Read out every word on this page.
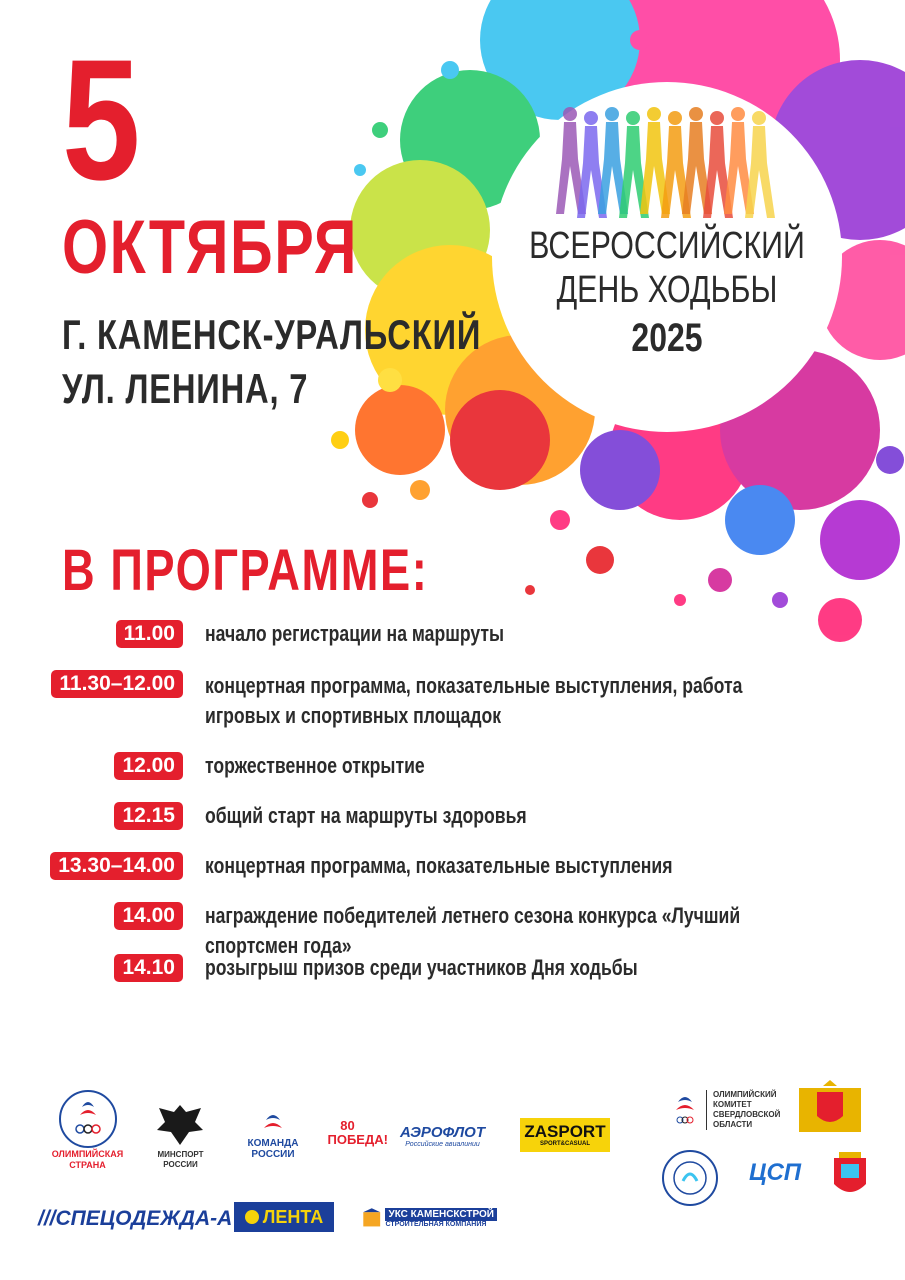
5
ОКТЯБРЯ
Г. КАМЕНСК-УРАЛЬСКИЙ
УЛ. ЛЕНИНА, 7
ВСЕРОССИЙСКИЙ
ДЕНЬ ХОДЬБЫ
2025
В ПРОГРАММЕ:
11.00	начало регистрации на маршруты
11.30–12.00	концертная программа, показательные выступления, работа игровых и спортивных площадок
12.00	торжественное открытие
12.15	общий старт на маршруты здоровья
13.30–14.00	концертная программа, показательные выступления
14.00	награждение победителей летнего сезона конкурса «Лучший спортсмен года»
14.10	розыгрыш призов среди участников Дня ходьбы
ОЛИМПИЙСКАЯ СТРАНА
МИНСПОРТ РОССИИ
КОМАНДА РОССИИ
80 ПОБЕДА! АЭРОФЛОТ
Российские авиалинии
ZASPORT
SPORT&CASUAL
ОЛИМПИЙСКИЙ КОМИТЕТ СВЕРДЛОВСКОЙ ОБЛАСТИ
ЦСП
///СПЕЦОДЕЖДА-А ЛЕНТА	УКС КАМЕНСКСТРОЙ
СТРОИТЕЛЬНАЯ КОМПАНИЯ
